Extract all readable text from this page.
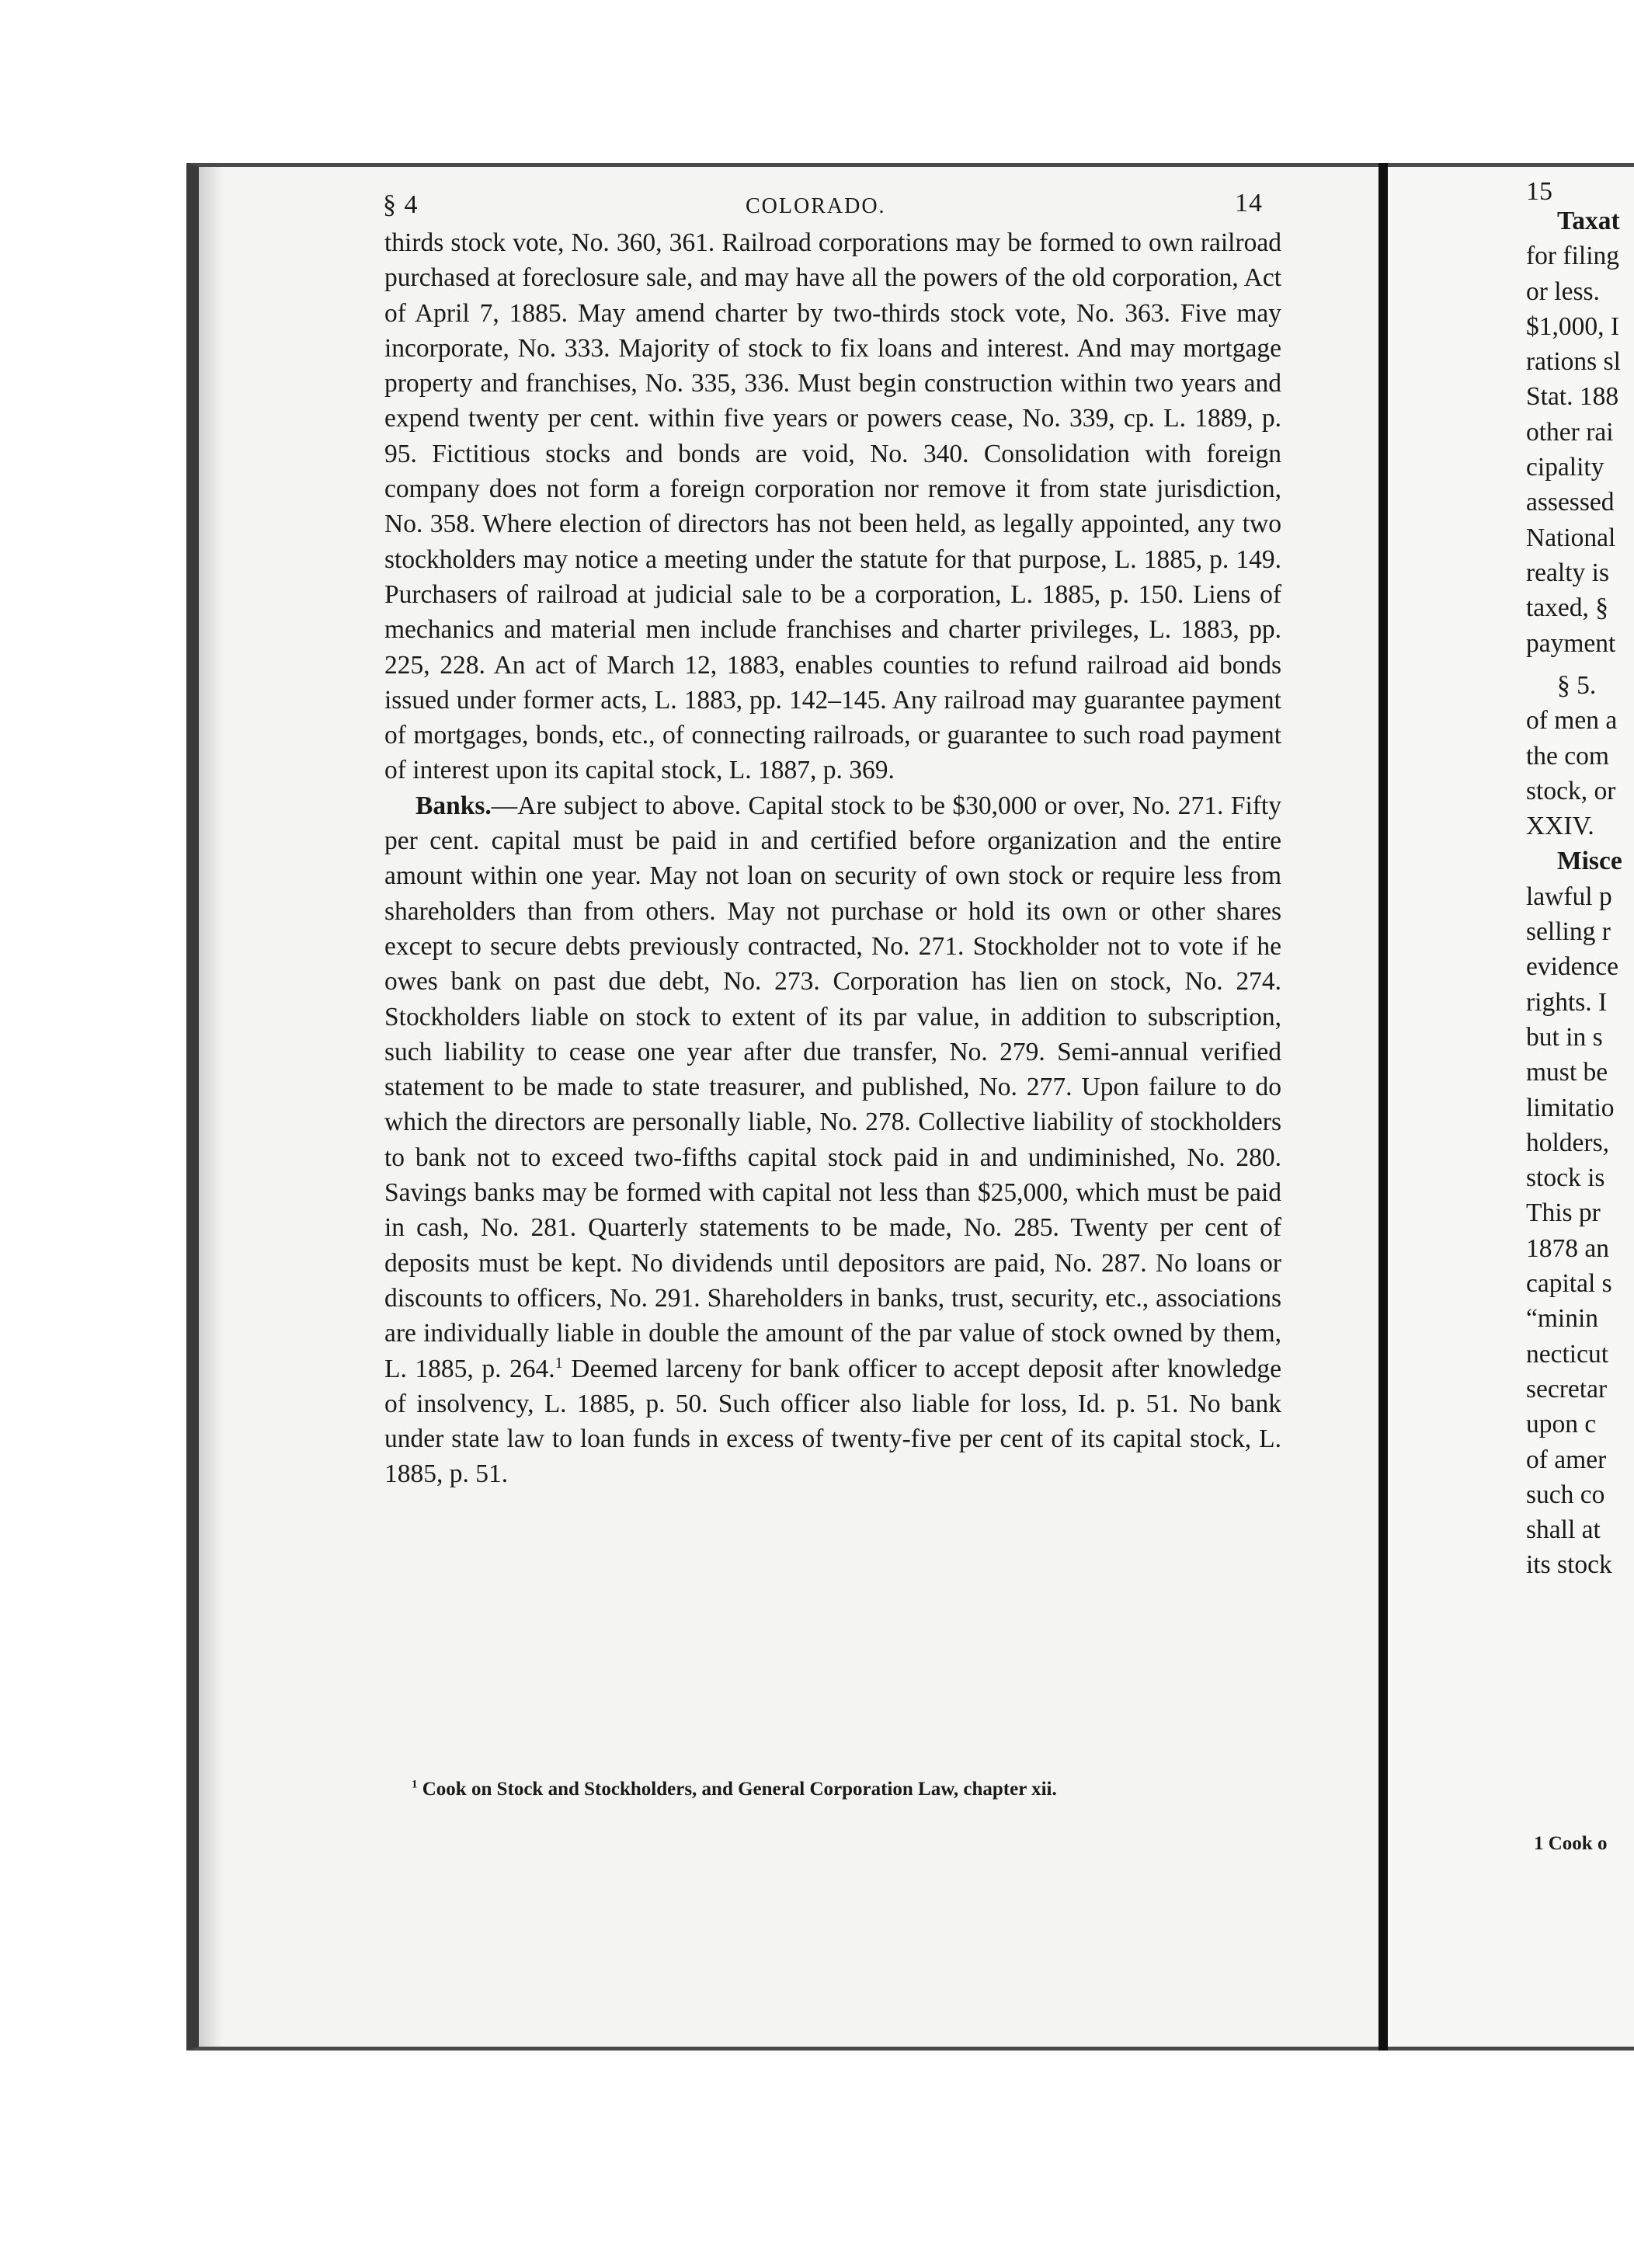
§ 4	COLORADO.	14

thirds stock vote, No. 360, 361. Railroad corporations may be formed to own railroad purchased at foreclosure sale, and may have all the powers of the old corporation, Act of April 7, 1885. May amend charter by two-thirds stock vote, No. 363. Five may incorporate, No. 333. Majority of stock to fix loans and interest. And may mortgage property and franchises, No. 335, 336. Must begin construction within two years and expend twenty per cent. within five years or powers cease, No. 339, cp. L. 1889, p. 95. Fictitious stocks and bonds are void, No. 340. Consolidation with foreign company does not form a foreign corporation nor remove it from state jurisdiction, No. 358. Where election of directors has not been held, as legally appointed, any two stockholders may notice a meeting under the statute for that purpose, L. 1885, p. 149. Purchasers of railroad at judicial sale to be a corporation, L. 1885, p. 150. Liens of mechanics and material men include franchises and charter privileges, L. 1883, pp. 225, 228. An act of March 12, 1883, enables counties to refund railroad aid bonds issued under former acts, L. 1883, pp. 142–145. Any railroad may guarantee payment of mortgages, bonds, etc., of connecting railroads, or guarantee to such road payment of interest upon its capital stock, L. 1887, p. 369.

Banks.—Are subject to above. Capital stock to be $30,000 or over, No. 271. Fifty per cent. capital must be paid in and certified before organization and the entire amount within one year. May not loan on security of own stock or require less from shareholders than from others. May not purchase or hold its own or other shares except to secure debts previously contracted, No. 271. Stockholder not to vote if he owes bank on past due debt, No. 273. Corporation has lien on stock, No. 274. Stockholders liable on stock to extent of its par value, in addition to subscription, such liability to cease one year after due transfer, No. 279. Semi-annual verified statement to be made to state treasurer, and published, No. 277. Upon failure to do which the directors are personally liable, No. 278. Collective liability of stockholders to bank not to exceed two-fifths capital stock paid in and undiminished, No. 280. Savings banks may be formed with capital not less than $25,000, which must be paid in cash, No. 281. Quarterly statements to be made, No. 285. Twenty per cent of deposits must be kept. No dividends until depositors are paid, No. 287. No loans or discounts to officers, No. 291. Shareholders in banks, trust, security, etc., associations are individually liable in double the amount of the par value of stock owned by them, L. 1885, p. 264.$^1$ Deemed larceny for bank officer to accept deposit after knowledge of insolvency, L. 1885, p. 50. Such officer also liable for loss, Id. p. 51. No bank under state law to loan funds in excess of twenty-five per cent of its capital stock, L. 1885, p. 51.

$^1$ Cook on Stock and Stockholders, and General Corporation Law, chapter xii.
15
Taxat
for filing
or less.
$1,000, I
rations sl
Stat. 188
other rai
cipality
assessed
National
realty is
taxed, §
payment
§ 5.
of men a
the com
stock, or
XXIV.
Misce
lawful p
selling r
evidence
rights. I
but in s
must be
limitatio
holders,
stock is
This pr
1878 an
capital s
“minin
necticut
secretar
upon c
of amer
such co
shall at
its stock
1 Cook o
